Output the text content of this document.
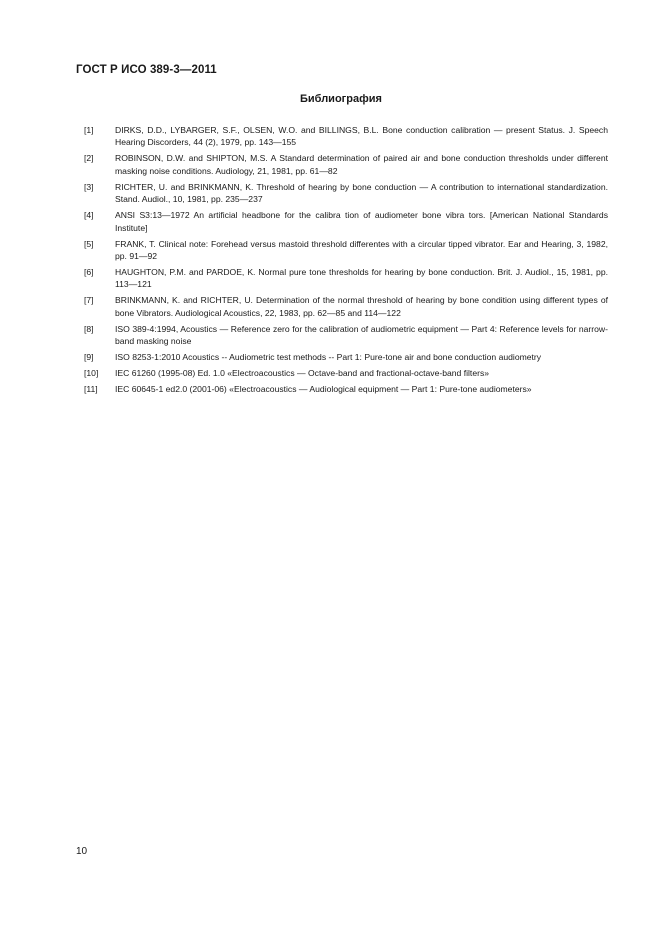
ГОСТ Р ИСО 389-3—2011
Библиография
[1]	DIRKS, D.D., LYBARGER, S.F., OLSEN, W.O. and BILLINGS, B.L. Bone conduction calibration — present Status. J. Speech Hearing Discorders, 44 (2), 1979, pp. 143—155
[2]	ROBINSON, D.W. and SHIPTON, M.S. A Standard determination of paired air and bone conduction thresholds under different masking noise conditions. Audiology, 21, 1981, pp. 61—82
[3]	RICHTER, U. and BRINKMANN, K. Threshold of hearing by bone conduction — A contribution to international standardization. Stand. Audiol., 10, 1981, pp. 235—237
[4]	ANSI S3:13—1972 An artificial headbone for the calibra tion of audiometer bone vibra tors. [American National Standards Institute]
[5]	FRANK, T. Clinical note: Forehead versus mastoid threshold differentes with a circular tipped vibrator. Ear and Hearing, 3, 1982, pp. 91—92
[6]	HAUGHTON, P.M. and PARDOE, K. Normal pure tone thresholds for hearing by bone conduction. Brit. J. Audiol., 15, 1981, pp. 113—121
[7]	BRINKMANN, K. and RICHTER, U. Determination of the normal threshold of hearing by bone condition using different types of bone Vibrators. Audiological Acoustics, 22, 1983, pp. 62—85 and 114—122
[8]	ISO 389-4:1994, Acoustics — Reference zero for the calibration of audiometric equipment — Part 4: Reference levels for narrow-band masking noise
[9]	ISO 8253-1:2010 Acoustics -- Audiometric test methods -- Part 1: Pure-tone air and bone conduction audiometry
[10]	IEC 61260 (1995-08) Ed. 1.0 «Electroacoustics — Octave-band and fractional-octave-band filters»
[11]	IEC 60645-1 ed2.0 (2001-06) «Electroacoustics — Audiological equipment — Part 1: Pure-tone audiometers»
10
